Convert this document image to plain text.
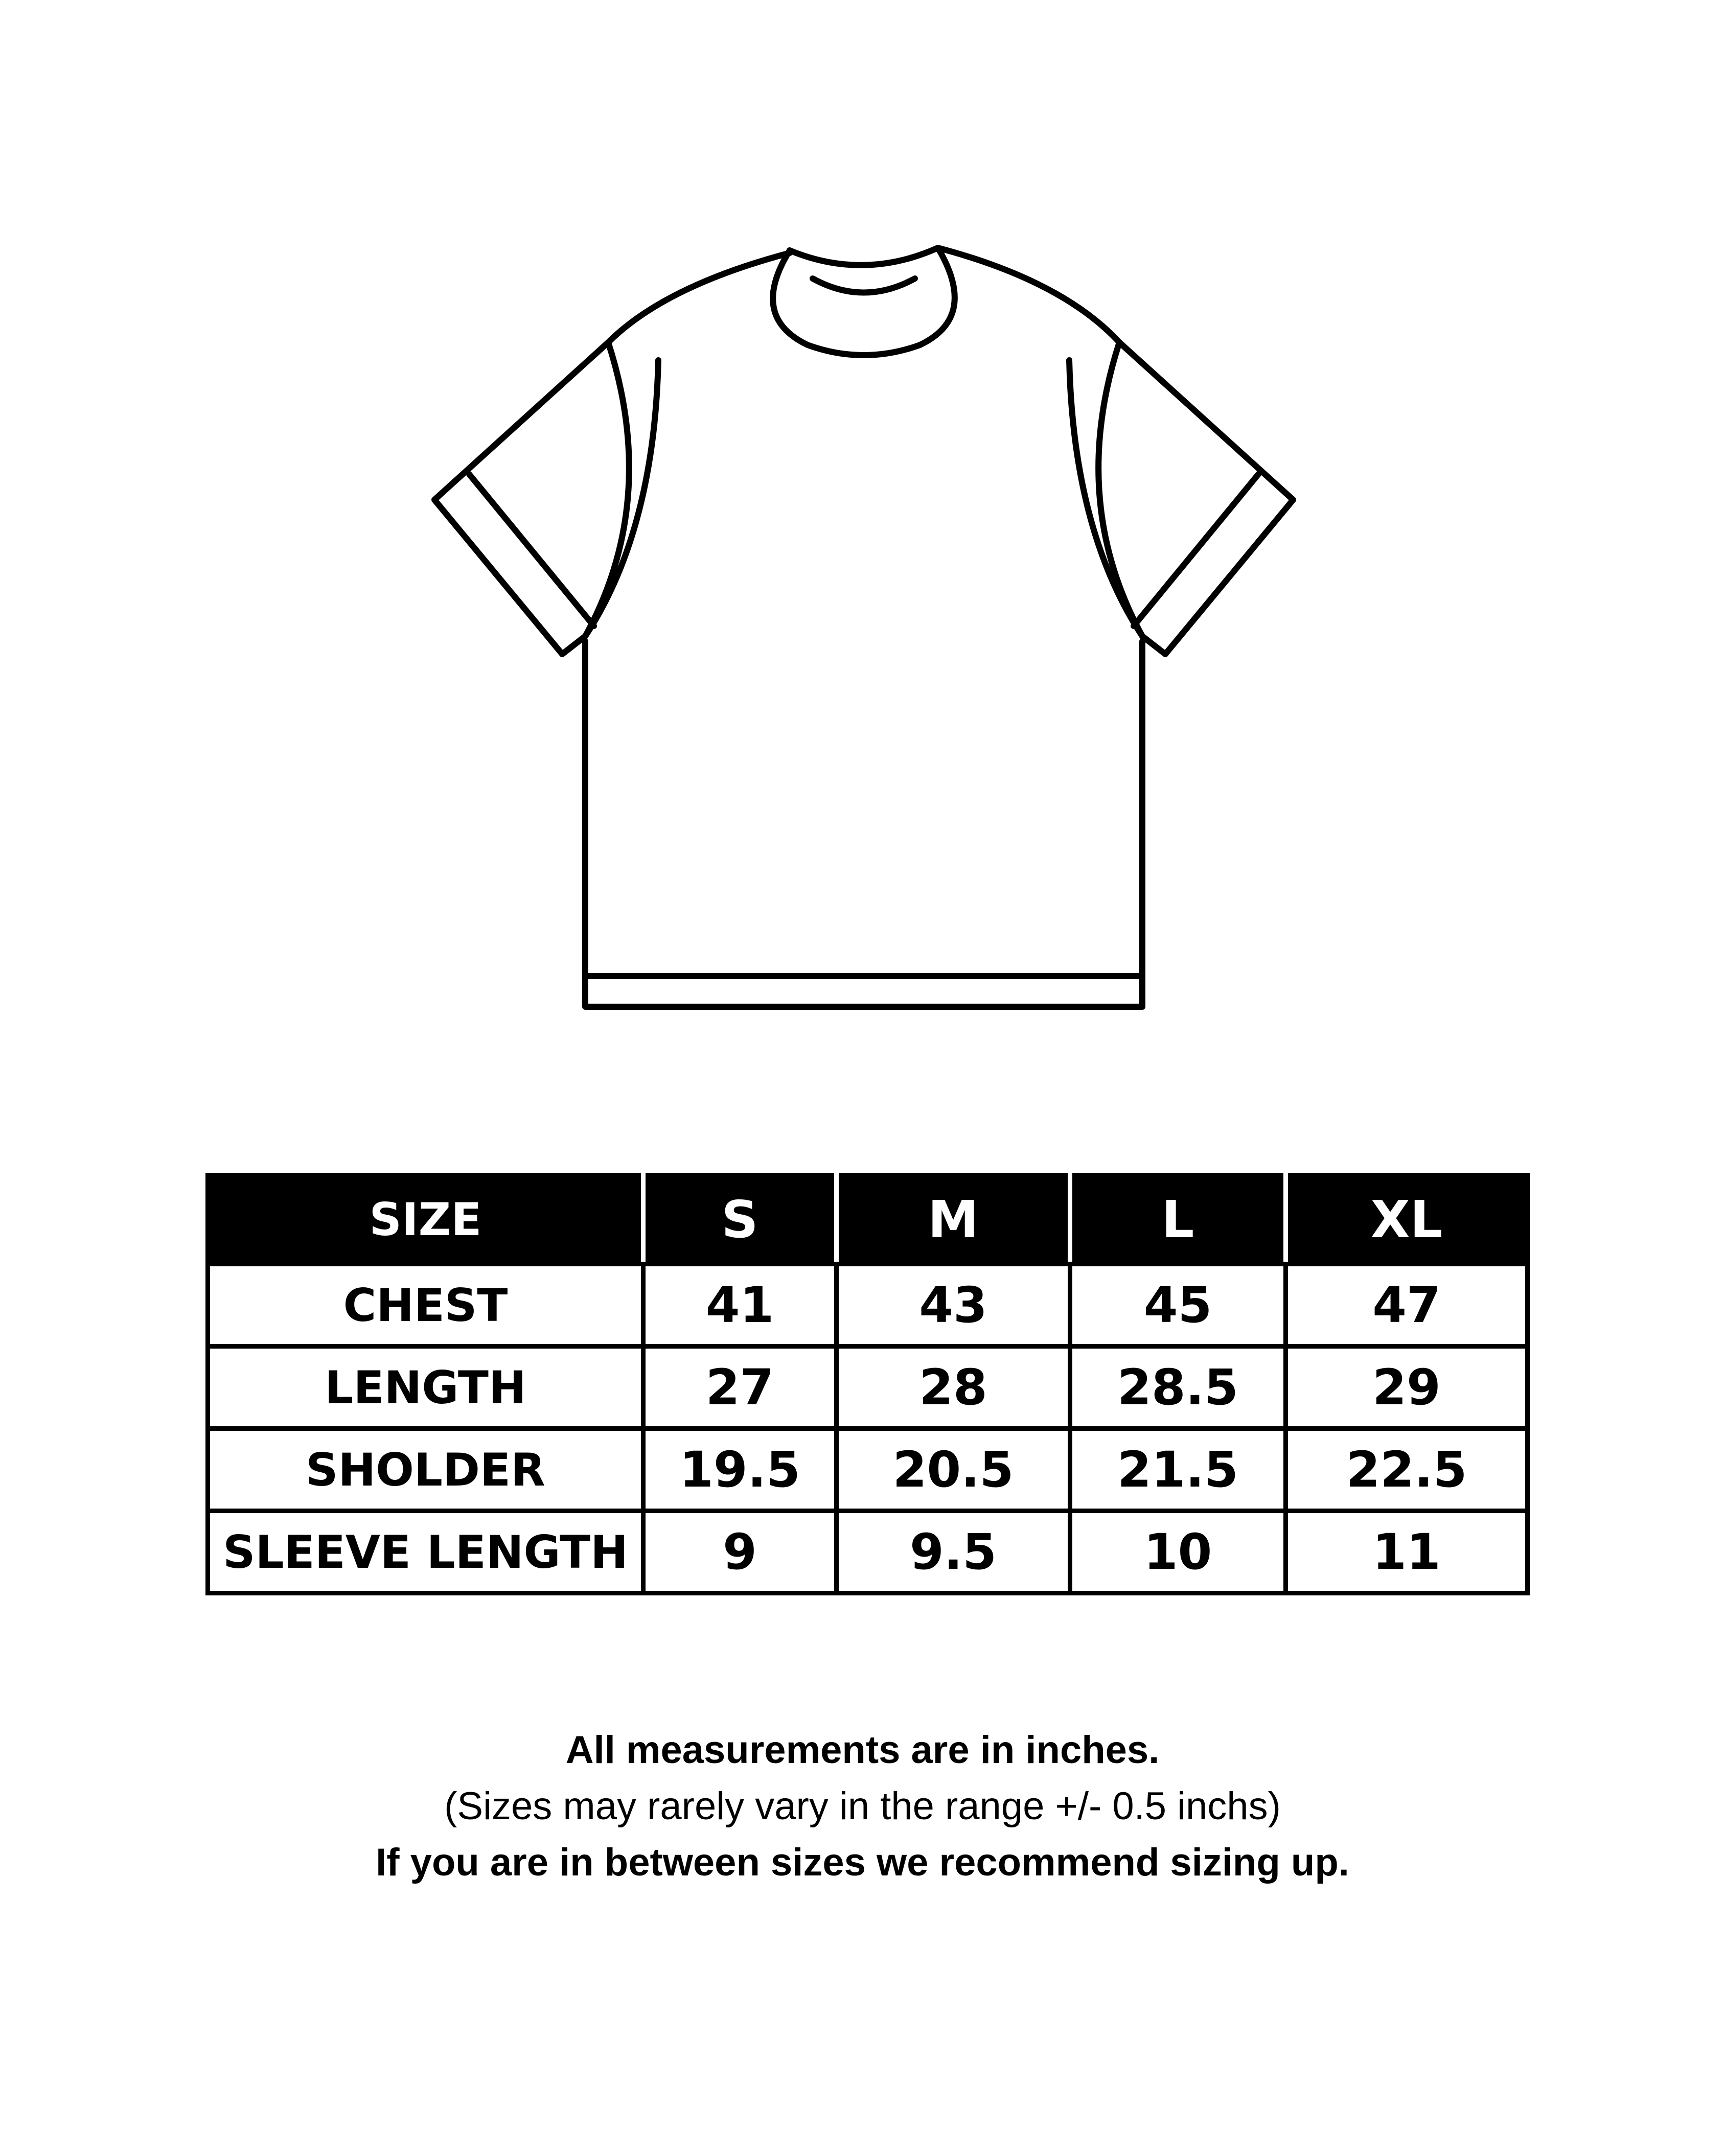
SIZE	S	M	L	XL
CHEST	41	43	45	47
LENGTH	27	28	28.5	29
SHOLDER	19.5	20.5	21.5	22.5
SLEEVE LENGTH	9	9.5	10	11
All measurements are in inches.
(Sizes may rarely vary in the range +/- 0.5 inchs)
If you are in between sizes we recommend sizing up.
